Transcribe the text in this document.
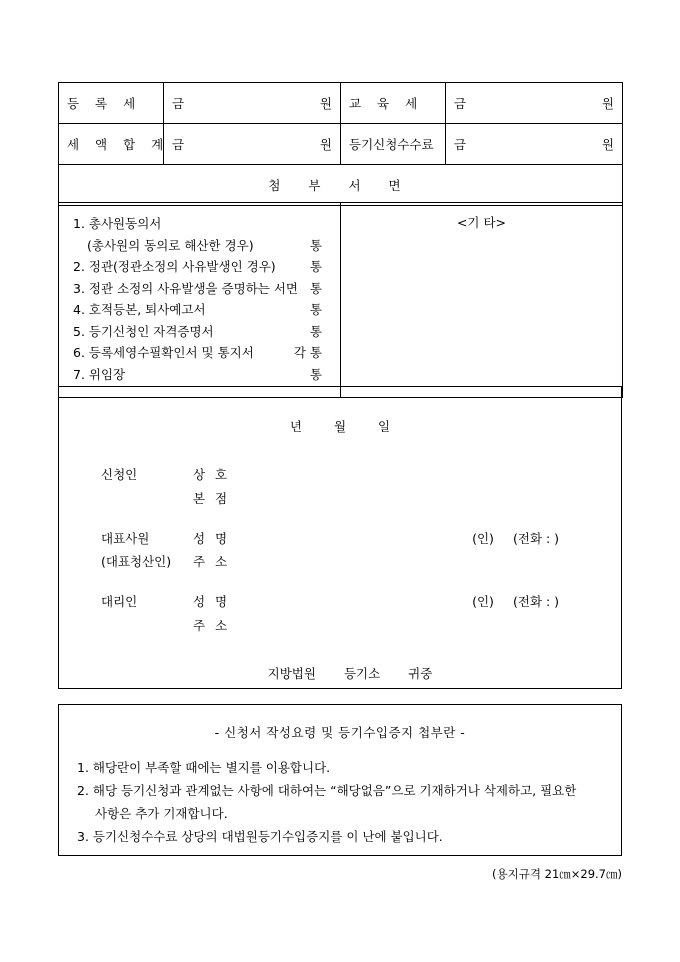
등 록 세	금 원	교 육 세	금 원

세 액 합 계	금 원	등기신청수수료	금 원

첨 부 서 면			
1. 총사원동의서
(총사원의 동의로 해산한 경우)	통
2. 정관(정관소정의 사유발생인 경우)	통
3. 정관 소정의 사유발생을 증명하는 서면 통
4. 호적등본, 퇴사예고서	통
5. 등기신청인 자격증명서	통
6. 등록세영수필확인서 및 통지서	각 통
7. 위임장	통
	<기 타>
년	월	일
신청인	상 호
본 점
대표사원	성 명	(인)	(전화 : )
(대표청산인)	주 소
대리인	성 명	(인)	(전화 : )
주 소
지방법원 등기소 귀중
- 신청서 작성요령 및 등기수입증지 첩부란 -
1. 해당란이 부족할 때에는 별지를 이용합니다.
2. 해당 등기신청과 관계없는 사항에 대하여는 “해당없음”으로 기재하거나 삭제하고, 필요한
사항은 추가 기재합니다.
3. 등기신청수수료 상당의 대법원등기수입증지를 이 난에 붙입니다.
(용지규격 21㎝×29.7㎝)
